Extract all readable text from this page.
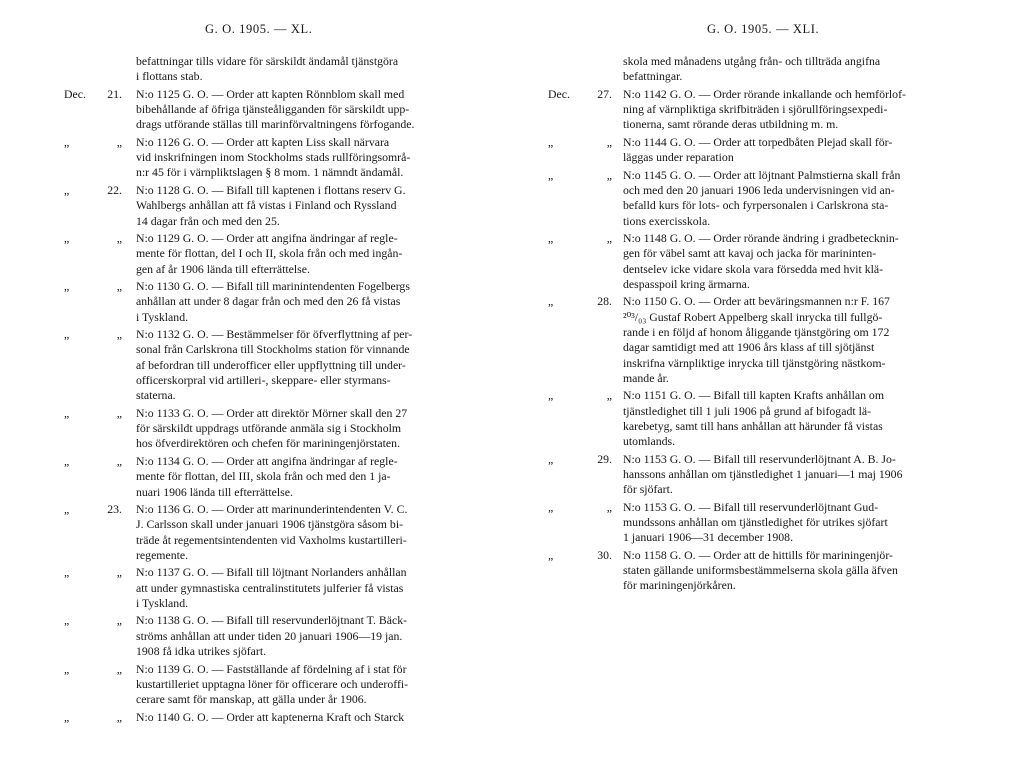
G. O. 1905. — XL.
befattningar tills vidare för särskildt ändamål tjänstgöra
i flottans stab.
Dec.	21. N:o 1125 G. O. — Order att kapten Rönnblom skall med
bibehållande af öfriga tjänsteåligganden för särskildt upp-
drags utförande ställas till marinförvaltningens förfogande.
„	„ N:o 1126 G. O. — Order att kapten Liss skall närvara
vid inskrifningen inom Stockholms stads rullföringsområ-
n:r 45 för i värnpliktslagen § 8 mom. 1 nämndt ändamål.
„	22. N:o 1128 G. O. — Bifall till kaptenen i flottans reserv G.
Wahlbergs anhållan att få vistas i Finland och Ryssland
14 dagar från och med den 25.
„	„ N:o 1129 G. O. — Order att angifna ändringar af regle-
mente för flottan, del I och II, skola från och med ingån-
gen af år 1906 lända till efterrättelse.
„	„ N:o 1130 G. O. — Bifall till marinintendenten Fogelbergs
anhållan att under 8 dagar från och med den 26 få vistas
i Tyskland.
„	„ N:o 1132 G. O. — Bestämmelser för öfverflyttning af per-
sonal från Carlskrona till Stockholms station för vinnande
af befordran till underofficer eller uppflyttning till under-
officerskorpral vid artilleri-, skeppare- eller styrmans-
staterna.
„	„ N:o 1133 G. O. — Order att direktör Mörner skall den 27
för särskildt uppdrags utförande anmäla sig i Stockholm
hos öfverdirektören och chefen för mariningenjörstaten.
„	„ N:o 1134 G. O. — Order att angifna ändringar af regle-
mente för flottan, del III, skola från och med den 1 ja-
nuari 1906 lända till efterrättelse.
„	23. N:o 1136 G. O. — Order att marinunderintendenten V. C.
J. Carlsson skall under januari 1906 tjänstgöra såsom bi-
träde åt regementsintendenten vid Vaxholms kustartilleri-
regemente.
„	„ N:o 1137 G. O. — Bifall till löjtnant Norlanders anhållan
att under gymnastiska centralinstitutets julferier få vistas
i Tyskland.
„	„ N:o 1138 G. O. — Bifall till reservunderlöjtnant T. Bäck-
ströms anhållan att under tiden 20 januari 1906—19 jan.
1908 få idka utrikes sjöfart.
„	„ N:o 1139 G. O. — Fastställande af fördelning af i stat för
kustartilleriet upptagna löner för officerare och underoffi-
cerare samt för manskap, att gälla under år 1906.
„	„ N:o 1140 G. O. — Order att kaptenerna Kraft och Starck
G. O. 1905. — XLI.
skola med månadens utgång från- och tillträda angifna
befattningar.
Dec.	27. N:o 1142 G. O. — Order rörande inkallande och hemförlof-
ning af värnpliktiga skrifbiträden i sjörullföringsexpedi-
tionerna, samt rörande deras utbildning m. m.
„	„ N:o 1144 G. O. — Order att torpedbåten Plejad skall för-
läggas under reparation
„	„ N:o 1145 G. O. — Order att löjtnant Palmstierna skall från
och med den 20 januari 1906 leda undervisningen vid an-
befalld kurs för lots- och fyrpersonalen i Carlskrona sta-
tions exercisskola.
„	„ N:o 1148 G. O. — Order rörande ändring i gradbetecknin-
gen för väbel samt att kavaj och jacka för marininten-
dentselev icke vidare skola vara försedda med hvit klä-
despasspoil kring ärmarna.
„	28. N:o 1150 G. O. — Order att beväringsmannen n:r F. 167
²⁰³/₀₃ Gustaf Robert Appelberg skall inrycka till fullgö-
rande i en följd af honom åliggande tjänstgöring om 172
dagar samtidigt med att 1906 års klass af till sjötjänst
inskrifna värnpliktige inrycka till tjänstgöring nästkom-
mande år.
„	„ N:o 1151 G. O. — Bifall till kapten Krafts anhållan om
tjänstledighet till 1 juli 1906 på grund af bifogadt lä-
karebetyg, samt till hans anhållan att härunder få vistas
utomlands.
„	29. N:o 1153 G. O. — Bifall till reservunderlöjtnant A. B. Jo-
hanssons anhållan om tjänstledighet 1 januari—1 maj 1906
för sjöfart.
„	„ N:o 1153 G. O. — Bifall till reservunderlöjtnant Gud-
mundssons anhållan om tjänstledighet för utrikes sjöfart
1 januari 1906—31 december 1908.
„	30. N:o 1158 G. O. — Order att de hittills för mariningenjör-
staten gällande uniformsbestämmelserna skola gälla äfven
för mariningenjörkåren.
